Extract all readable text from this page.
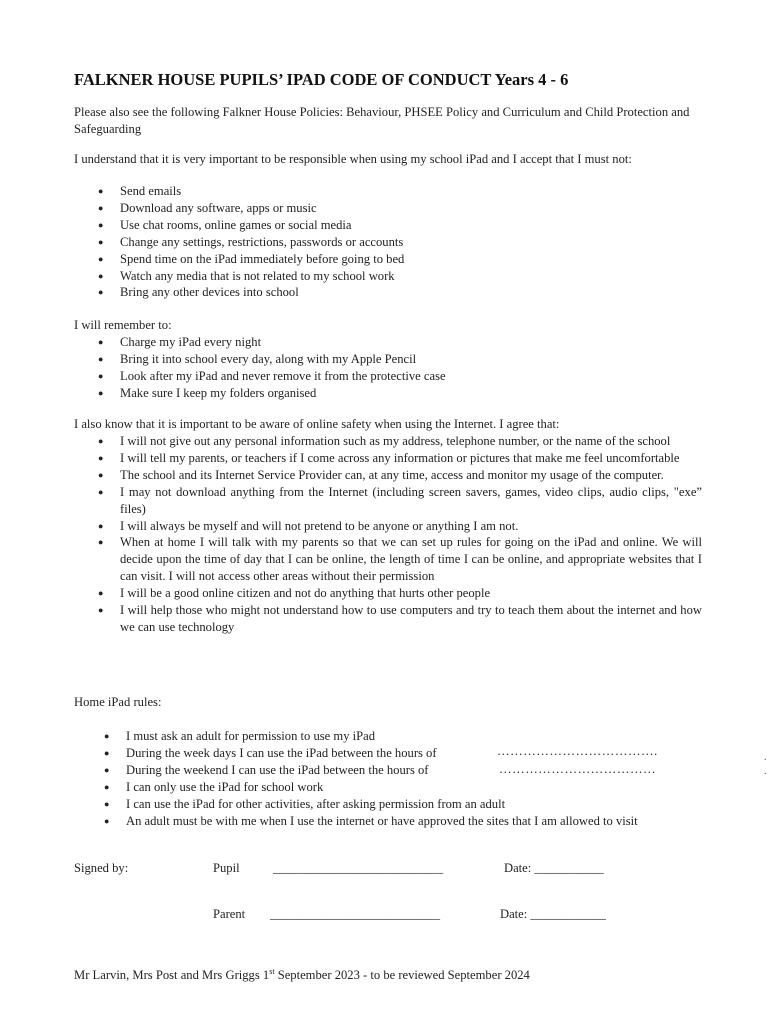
FALKNER HOUSE PUPILS’ IPAD CODE OF CONDUCT Years 4 - 6

Please also see the following Falkner House Policies: Behaviour, PHSEE Policy and Curriculum and Child Protection and Safeguarding

I understand that it is very important to be responsible when using my school iPad and I accept that I must not:

● Send emails
● Download any software, apps or music
● Use chat rooms, online games or social media
● Change any settings, restrictions, passwords or accounts
● Spend time on the iPad immediately before going to bed
● Watch any media that is not related to my school work
● Bring any other devices into school

I will remember to:

● Charge my iPad every night
● Bring it into school every day, along with my Apple Pencil
● Look after my iPad and never remove it from the protective case
● Make sure I keep my folders organised

I also know that it is important to be aware of online safety when using the Internet. I agree that:

● I will not give out any personal information such as my address, telephone number, or the name of the school
● I will tell my parents, or teachers if I come across any information or pictures that make me feel uncomfortable
● The school and its Internet Service Provider can, at any time, access and monitor my usage of the computer.
● I may not download anything from the Internet (including screen savers, games, video clips, audio clips, "exe” files)
● I will always be myself and will not pretend to be anyone or anything I am not.
● When at home I will talk with my parents so that we can set up rules for going on the iPad and online. We will decide upon the time of day that I can be online, the length of time I can be online, and appropriate websites that I can visit. I will not access other areas without their permission
● I will be a good online citizen and not do anything that hurts other people
● I will help those who might not understand how to use computers and try to teach them about the internet and how we can use technology

Home iPad rules:

● I must ask an adult for permission to use my iPad
● During the week days I can use the iPad between the hours of
● During the weekend I can use the iPad between the hours of
● I can only use the iPad for school work
● I can use the iPad for other activities, after asking permission from an adult
● An adult must be with me when I use the internet or have approved the sites that I am allowed to visit
……………………………….
………………………………
Signed by:	Pupil	___________________________	Date: ___________
Parent ___________________________	Date: ____________
Mr Larvin, Mrs Post and Mrs Griggs 1st September 2023 - to be reviewed September 2024
.
.
